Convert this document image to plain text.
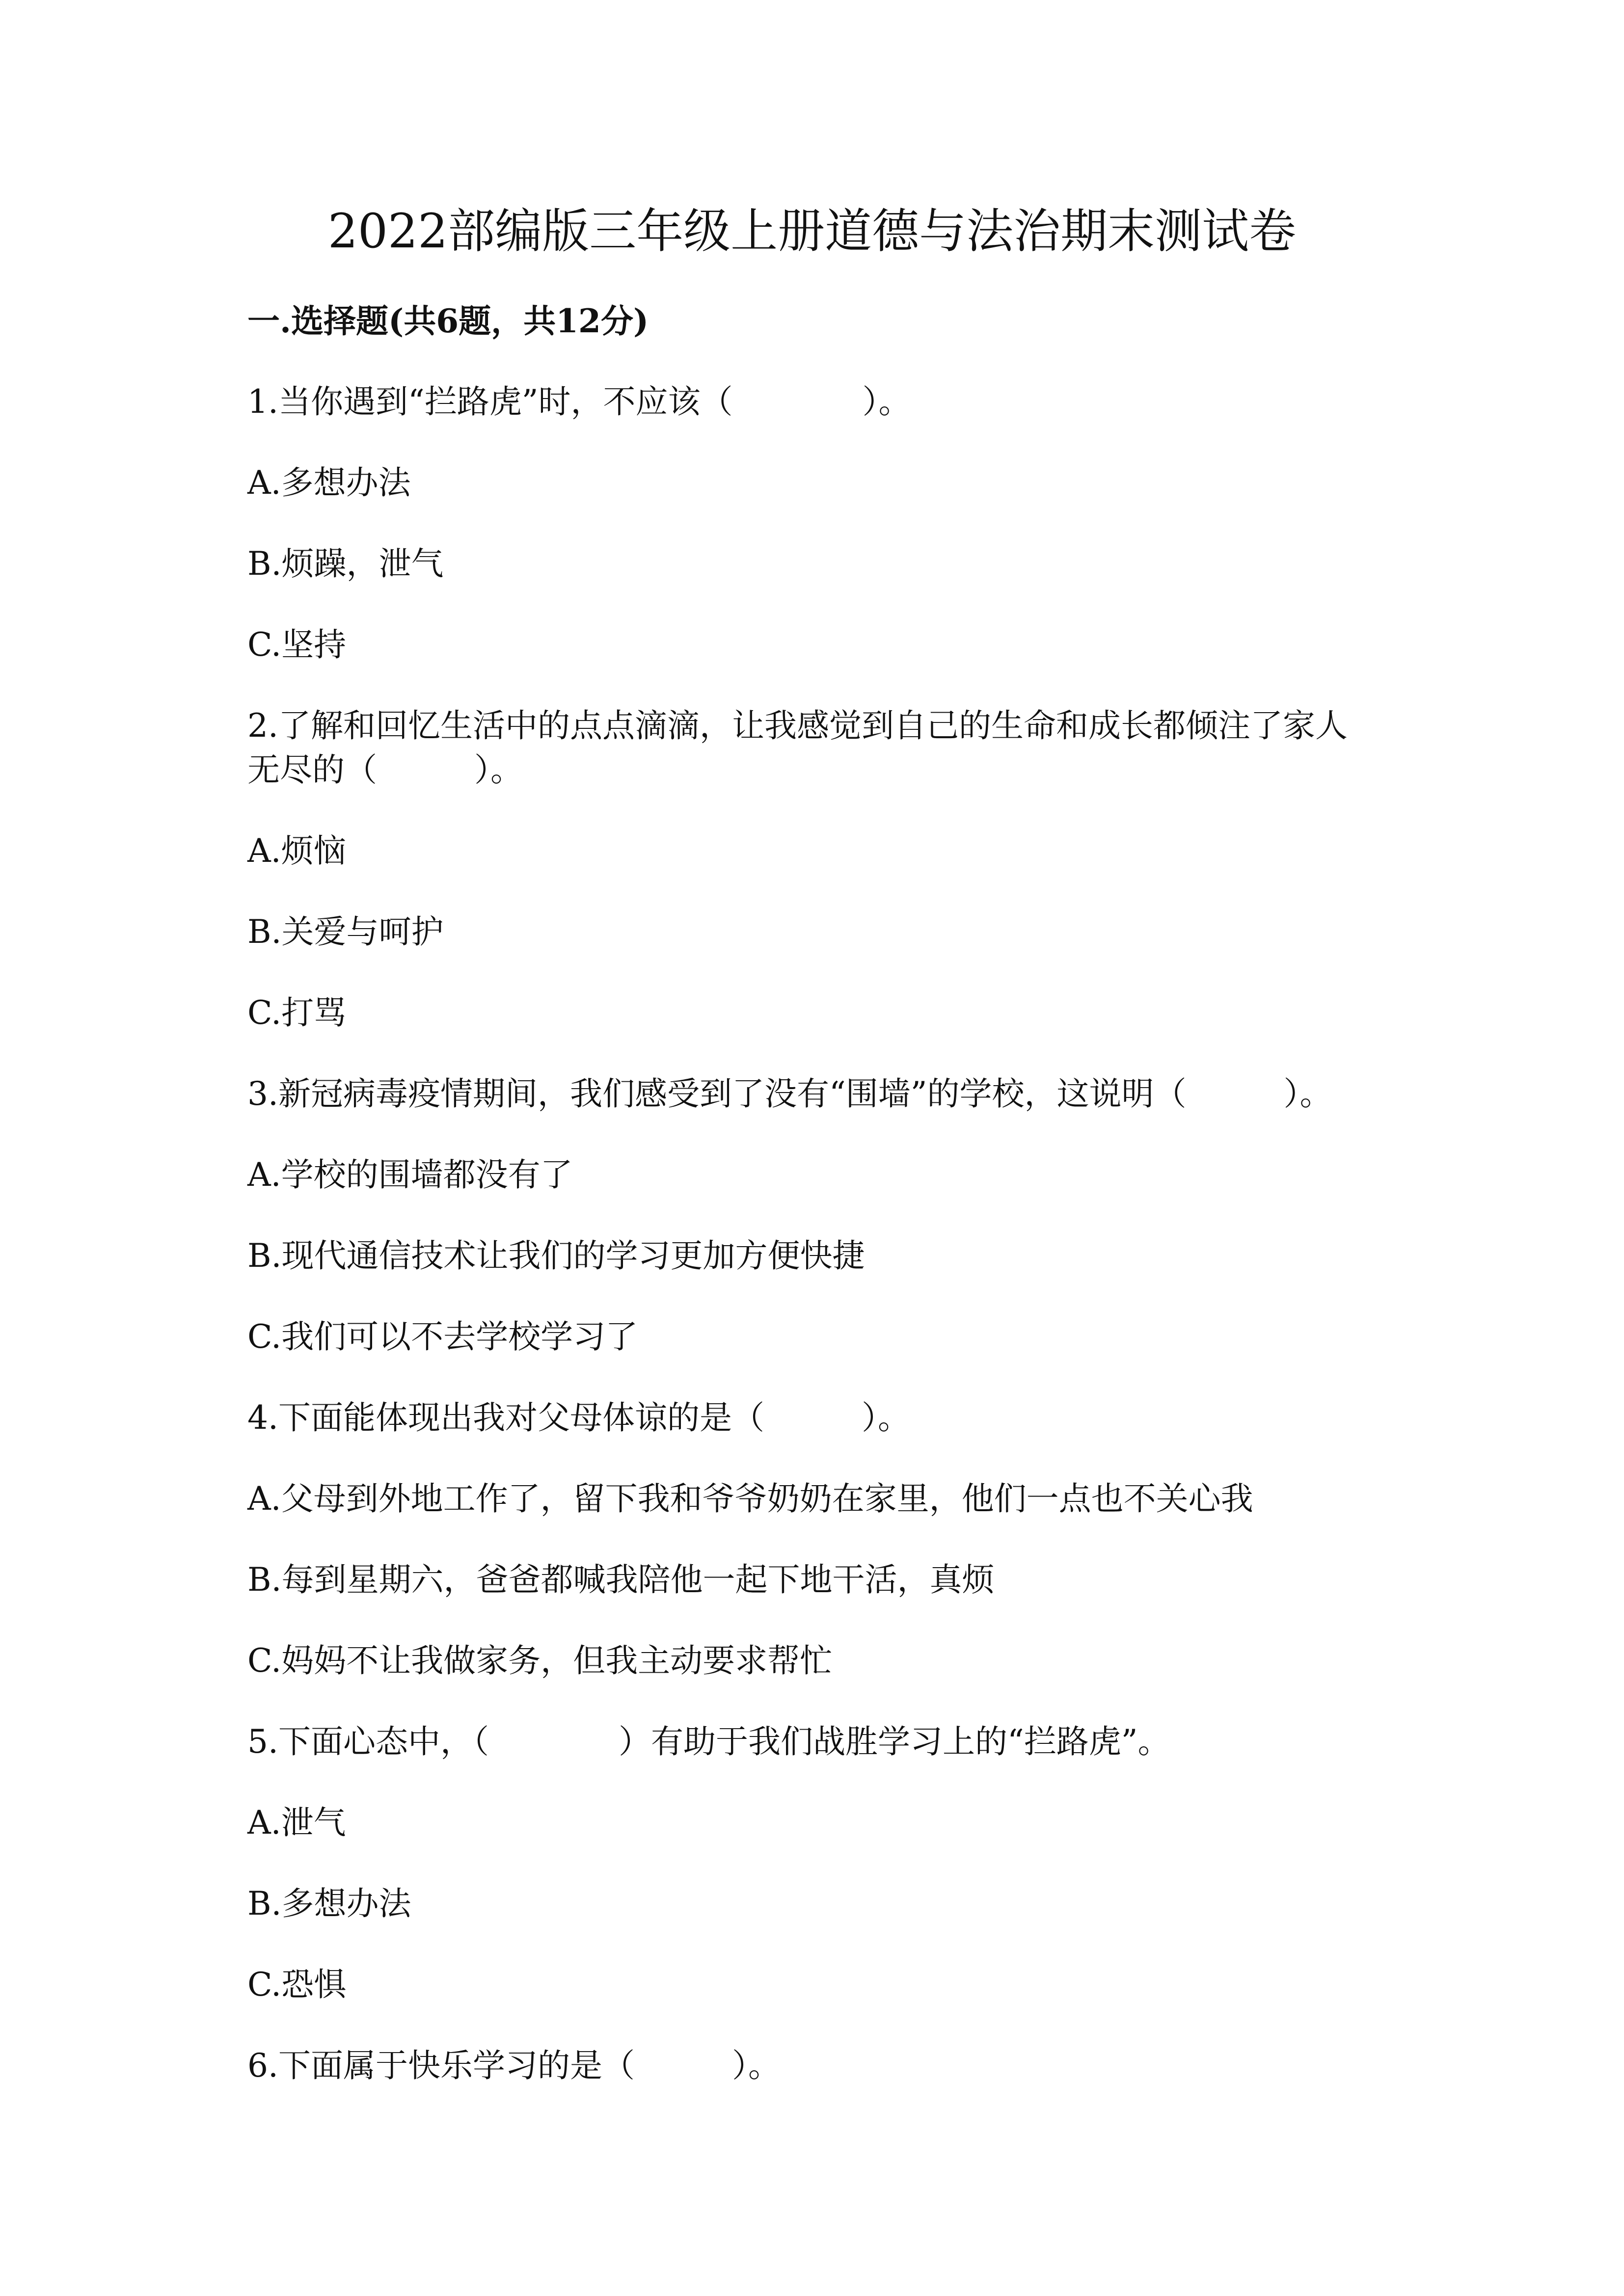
2022部编版三年级上册道德与法治期末测试卷
一.选择题(共6题，共12分)
1.当你遇到“拦路虎”时，不应该（　　　　）。
A.多想办法
B.烦躁，泄气
C.坚持
2.了解和回忆生活中的点点滴滴，让我感觉到自己的生命和成长都倾注了家人无尽的（　　　）。
A.烦恼
B.关爱与呵护
C.打骂
3.新冠病毒疫情期间，我们感受到了没有“围墙”的学校，这说明（　　　）。
A.学校的围墙都没有了
B.现代通信技术让我们的学习更加方便快捷
C.我们可以不去学校学习了
4.下面能体现出我对父母体谅的是（　　　）。
A.父母到外地工作了，留下我和爷爷奶奶在家里，他们一点也不关心我
B.每到星期六，爸爸都喊我陪他一起下地干活，真烦
C.妈妈不让我做家务，但我主动要求帮忙
5.下面心态中，（　　　　）有助于我们战胜学习上的“拦路虎”。
A.泄气
B.多想办法
C.恐惧
6.下面属于快乐学习的是（　　　）。
